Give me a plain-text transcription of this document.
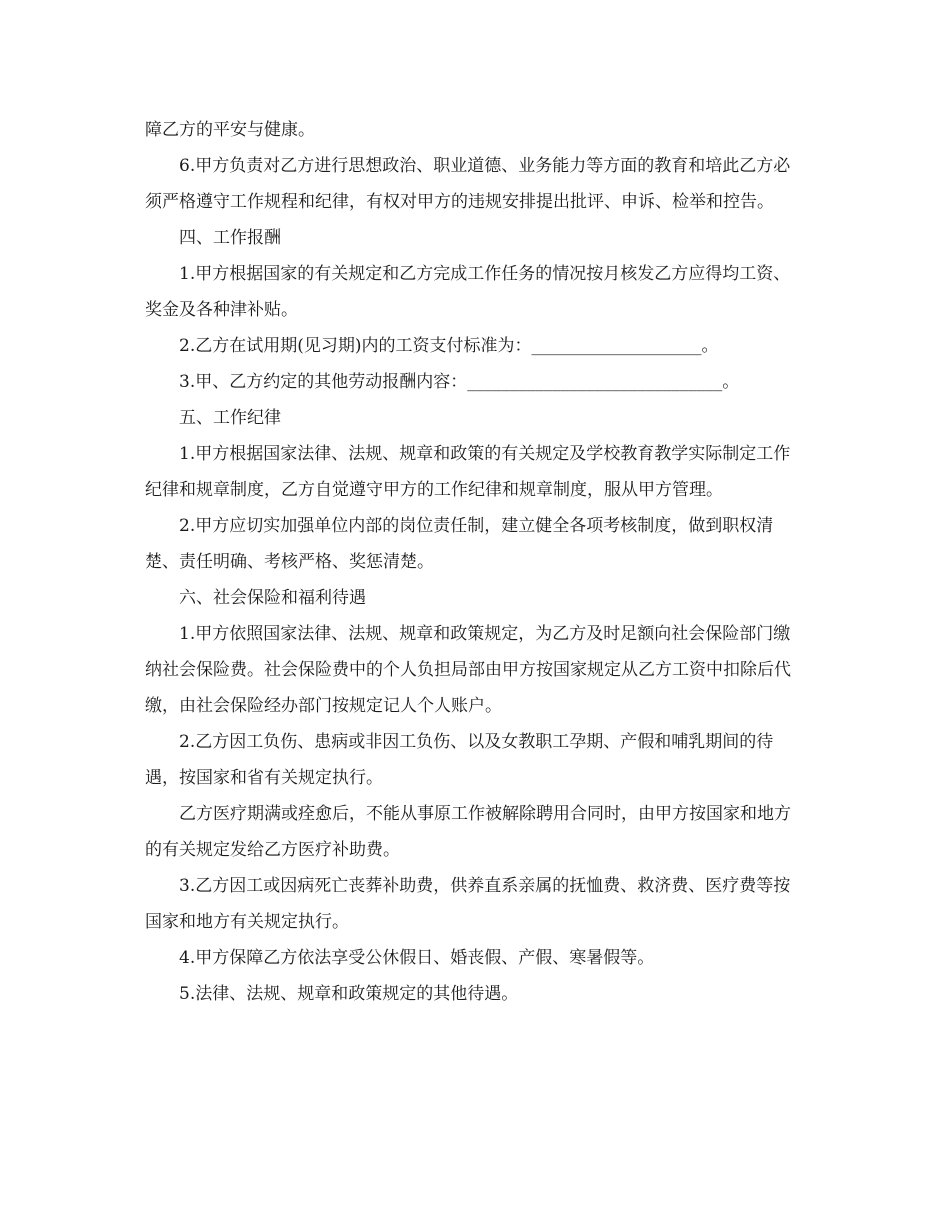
障乙方的平安与健康。

6.甲方负责对乙方进行思想政治、职业道德、业务能力等方面的教育和培此乙方必须严格遵守工作规程和纪律，有权对甲方的违规安排提出批评、申诉、检举和控告。

四、工作报酬

1.甲方根据国家的有关规定和乙方完成工作任务的情况按月核发乙方应得均工资、奖金及各种津补贴。

2.乙方在试用期(见习期)内的工资支付标准为：____________________。

3.甲、乙方约定的其他劳动报酬内容：______________________________。

五、工作纪律

1.甲方根据国家法律、法规、规章和政策的有关规定及学校教育教学实际制定工作纪律和规章制度，乙方自觉遵守甲方的工作纪律和规章制度，服从甲方管理。

2.甲方应切实加强单位内部的岗位责任制，建立健全各项考核制度，做到职权清楚、责任明确、考核严格、奖惩清楚。

六、社会保险和福利待遇

1.甲方依照国家法律、法规、规章和政策规定，为乙方及时足额向社会保险部门缴纳社会保险费。社会保险费中的个人负担局部由甲方按国家规定从乙方工资中扣除后代缴，由社会保险经办部门按规定记人个人账户。

2.乙方因工负伤、患病或非因工负伤、以及女教职工孕期、产假和哺乳期间的待遇，按国家和省有关规定执行。

乙方医疗期满或痊愈后，不能从事原工作被解除聘用合同时，由甲方按国家和地方的有关规定发给乙方医疗补助费。

3.乙方因工或因病死亡丧葬补助费，供养直系亲属的抚恤费、救济费、医疗费等按国家和地方有关规定执行。

4.甲方保障乙方依法享受公休假日、婚丧假、产假、寒暑假等。

5.法律、法规、规章和政策规定的其他待遇。
